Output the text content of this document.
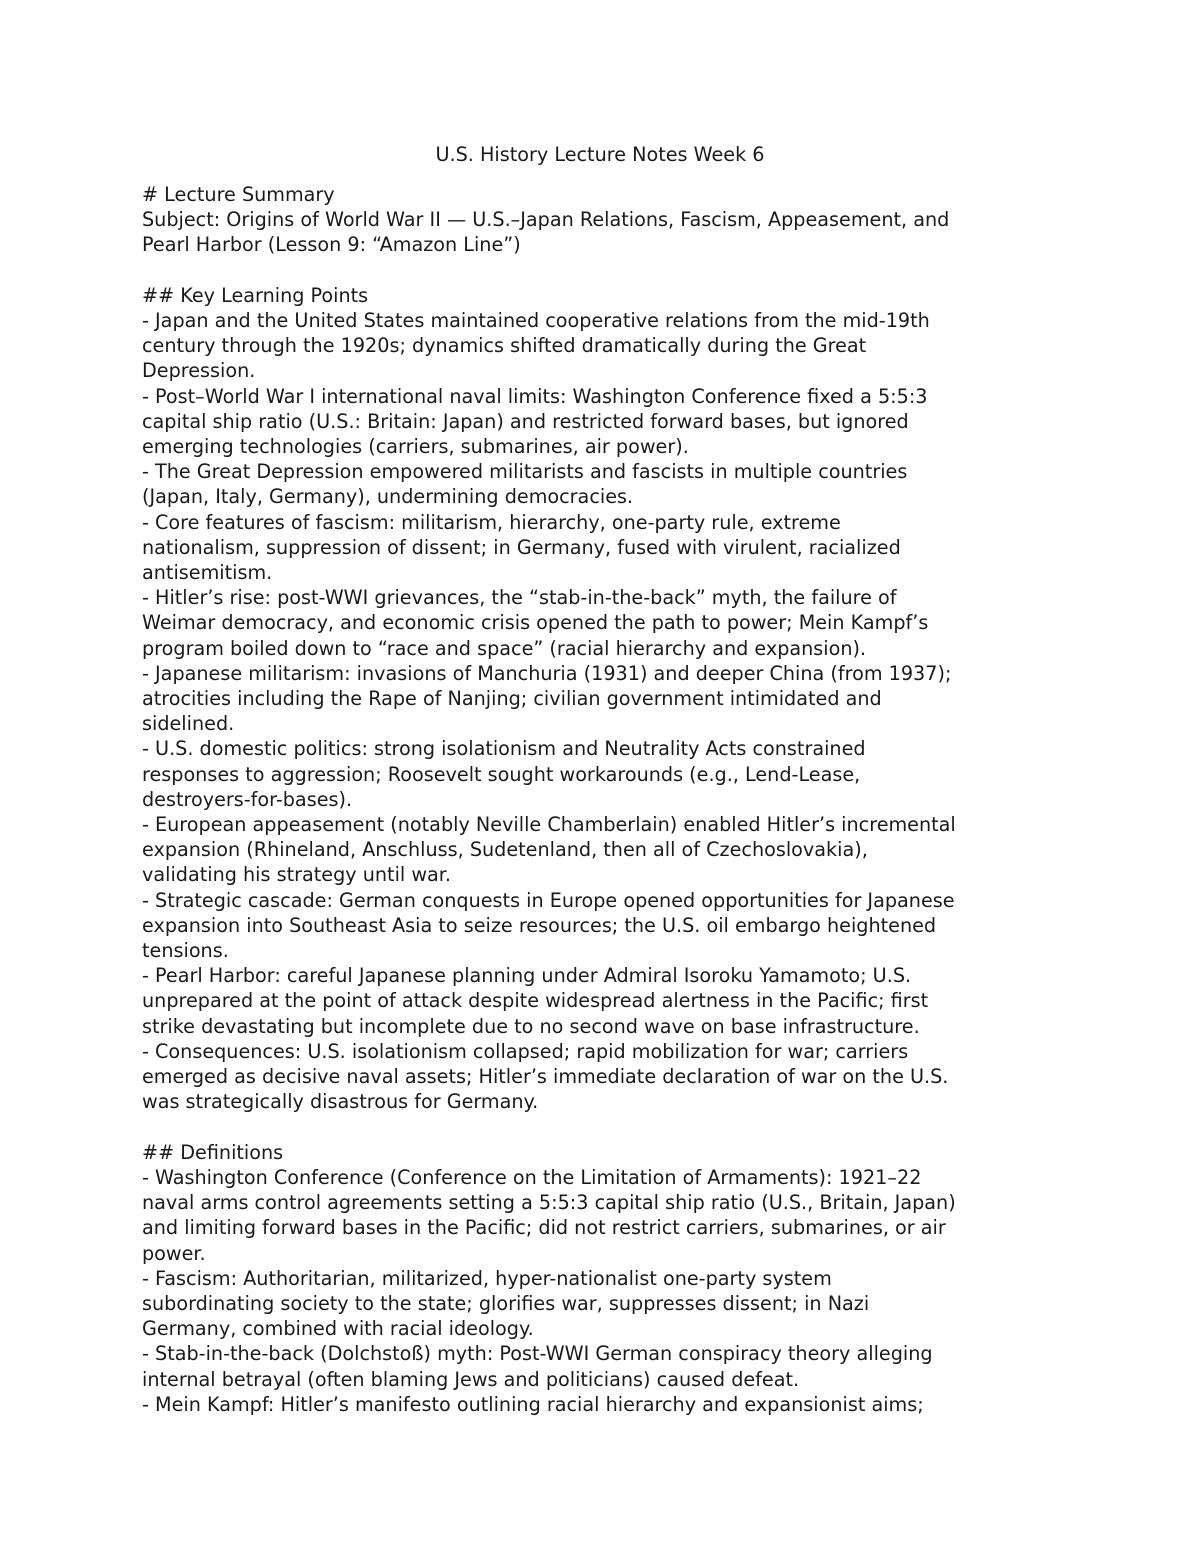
U.S. History Lecture Notes Week 6
# Lecture Summary
Subject: Origins of World War II — U.S.–Japan Relations, Fascism, Appeasement, and
Pearl Harbor (Lesson 9: “Amazon Line”)
## Key Learning Points
- Japan and the United States maintained cooperative relations from the mid-19th
century through the 1920s; dynamics shifted dramatically during the Great
Depression.
- Post–World War I international naval limits: Washington Conference fixed a 5:5:3
capital ship ratio (U.S.: Britain: Japan) and restricted forward bases, but ignored
emerging technologies (carriers, submarines, air power).
- The Great Depression empowered militarists and fascists in multiple countries
(Japan, Italy, Germany), undermining democracies.
- Core features of fascism: militarism, hierarchy, one-party rule, extreme
nationalism, suppression of dissent; in Germany, fused with virulent, racialized
antisemitism.
- Hitler’s rise: post-WWI grievances, the “stab-in-the-back” myth, the failure of
Weimar democracy, and economic crisis opened the path to power; Mein Kampf’s
program boiled down to “race and space” (racial hierarchy and expansion).
- Japanese militarism: invasions of Manchuria (1931) and deeper China (from 1937);
atrocities including the Rape of Nanjing; civilian government intimidated and
sidelined.
- U.S. domestic politics: strong isolationism and Neutrality Acts constrained
responses to aggression; Roosevelt sought workarounds (e.g., Lend-Lease,
destroyers-for-bases).
- European appeasement (notably Neville Chamberlain) enabled Hitler’s incremental
expansion (Rhineland, Anschluss, Sudetenland, then all of Czechoslovakia),
validating his strategy until war.
- Strategic cascade: German conquests in Europe opened opportunities for Japanese
expansion into Southeast Asia to seize resources; the U.S. oil embargo heightened
tensions.
- Pearl Harbor: careful Japanese planning under Admiral Isoroku Yamamoto; U.S.
unprepared at the point of attack despite widespread alertness in the Pacific; first
strike devastating but incomplete due to no second wave on base infrastructure.
- Consequences: U.S. isolationism collapsed; rapid mobilization for war; carriers
emerged as decisive naval assets; Hitler’s immediate declaration of war on the U.S.
was strategically disastrous for Germany.
## Definitions
- Washington Conference (Conference on the Limitation of Armaments): 1921–22
naval arms control agreements setting a 5:5:3 capital ship ratio (U.S., Britain, Japan)
and limiting forward bases in the Pacific; did not restrict carriers, submarines, or air
power.
- Fascism: Authoritarian, militarized, hyper-nationalist one-party system
subordinating society to the state; glorifies war, suppresses dissent; in Nazi
Germany, combined with racial ideology.
- Stab-in-the-back (Dolchstoß) myth: Post-WWI German conspiracy theory alleging
internal betrayal (often blaming Jews and politicians) caused defeat.
- Mein Kampf: Hitler’s manifesto outlining racial hierarchy and expansionist aims;
